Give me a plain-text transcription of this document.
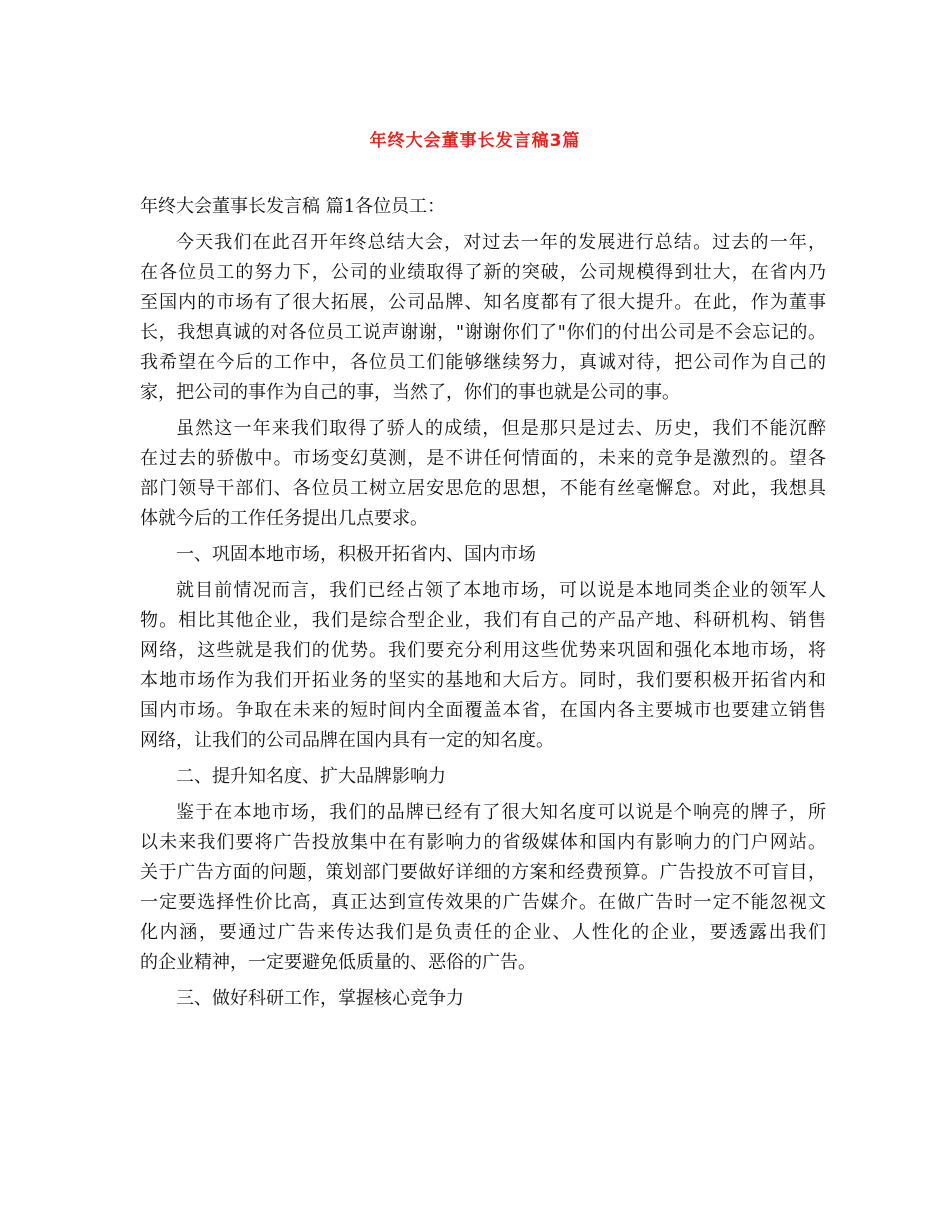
年终大会董事长发言稿3篇
年终大会董事长发言稿 篇1各位员工：
今天我们在此召开年终总结大会，对过去一年的发展进行总结。过去的一年，
在各位员工的努力下，公司的业绩取得了新的突破，公司规模得到壮大，在省内乃
至国内的市场有了很大拓展，公司品牌、知名度都有了很大提升。在此，作为董事
长，我想真诚的对各位员工说声谢谢，"谢谢你们了"你们的付出公司是不会忘记的。
我希望在今后的工作中，各位员工们能够继续努力，真诚对待，把公司作为自己的
家，把公司的事作为自己的事，当然了，你们的事也就是公司的事。
虽然这一年来我们取得了骄人的成绩，但是那只是过去、历史，我们不能沉醉
在过去的骄傲中。市场变幻莫测，是不讲任何情面的，未来的竞争是激烈的。望各
部门领导干部们、各位员工树立居安思危的思想，不能有丝毫懈怠。对此，我想具
体就今后的工作任务提出几点要求。
一、巩固本地市场，积极开拓省内、国内市场
就目前情况而言，我们已经占领了本地市场，可以说是本地同类企业的领军人
物。相比其他企业，我们是综合型企业，我们有自己的产品产地、科研机构、销售
网络，这些就是我们的优势。我们要充分利用这些优势来巩固和强化本地市场，将
本地市场作为我们开拓业务的坚实的基地和大后方。同时，我们要积极开拓省内和
国内市场。争取在未来的短时间内全面覆盖本省，在国内各主要城市也要建立销售
网络，让我们的公司品牌在国内具有一定的知名度。
二、提升知名度、扩大品牌影响力
鉴于在本地市场，我们的品牌已经有了很大知名度可以说是个响亮的牌子，所
以未来我们要将广告投放集中在有影响力的省级媒体和国内有影响力的门户网站。
关于广告方面的问题，策划部门要做好详细的方案和经费预算。广告投放不可盲目，
一定要选择性价比高，真正达到宣传效果的广告媒介。在做广告时一定不能忽视文
化内涵，要通过广告来传达我们是负责任的企业、人性化的企业，要透露出我们
的企业精神，一定要避免低质量的、恶俗的广告。
三、做好科研工作，掌握核心竞争力
